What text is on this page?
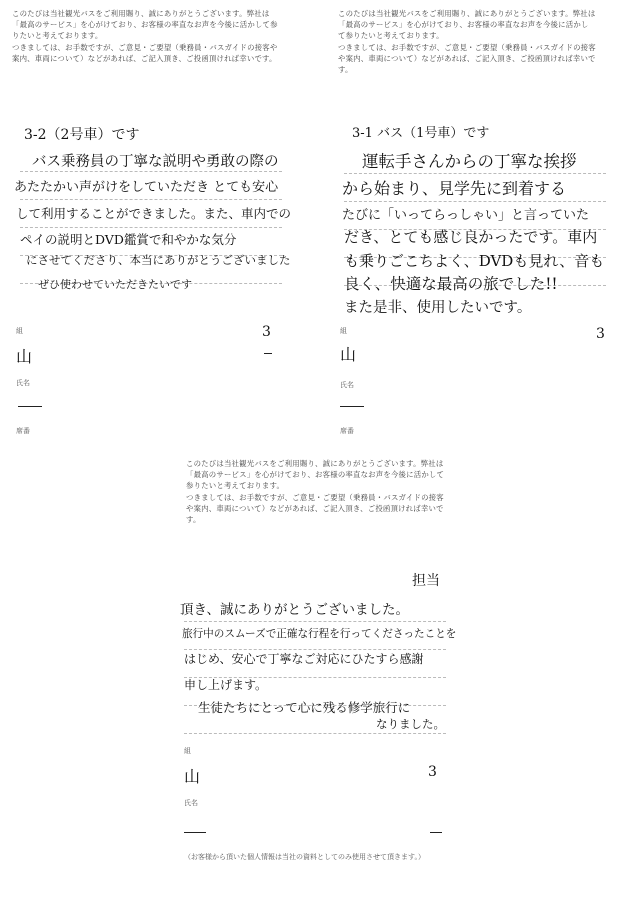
このたびは当社観光バスをご利用賜り、誠にありがとうございます。弊社は「最高のサービス」を心がけており、お客様の率直なお声を今後に活かして参りたいと考えております。
つきましては、お手数ですが、ご意見・ご要望（乗務員・バスガイドの接客や案内、車両について）などがあれば、ご記入頂き、ご投函頂ければ幸いです。
3-2（2号車）です
バス乗務員の丁寧な説明や勇敢の際の
あたたかい声がけをしていただき とても安心
して利用することができました。また、車内での
ペイの説明とDVD鑑賞で和やかな気分
にさせてくださり、本当にありがとうございました
ぜひ使わせていただきたいです
組	3
山
氏名
席番
このたびは当社観光バスをご利用賜り、誠にありがとうございます。弊社は「最高のサービス」を心がけており、お客様の率直なお声を今後に活かして参りたいと考えております。
つきましては、お手数ですが、ご意見・ご要望（乗務員・バスガイドの接客や案内、車両について）などがあれば、ご記入頂き、ご投函頂ければ幸いです。
3-1 バス（1号車）です
運転手さんからの丁寧な挨拶
から始まり、見学先に到着する
たびに「いってらっしゃい」と言っていた
だき、とても感じ良かったです。車内
も乗りごこちよく、DVDも見れ、音も
良く、快適な最高の旅でした!!
また是非、使用したいです。
組	3
山
氏名
席番
このたびは当社観光バスをご利用賜り、誠にありがとうございます。弊社は「最高のサービス」を心がけており、お客様の率直なお声を今後に活かして参りたいと考えております。
つきましては、お手数ですが、ご意見・ご要望（乗務員・バスガイドの接客や案内、車両について）などがあれば、ご記入頂き、ご投函頂ければ幸いです。
担当
頂き、誠にありがとうございました。
旅行中のスムーズで正確な行程を行ってくださったことを
はじめ、安心で丁寧なご対応にひたすら感謝
申し上げます。
生徒たちにとって心に残る修学旅行に
なりました。
組
3
山
氏名
（お客様から頂いた個人情報は当社の資料としてのみ使用させて頂きます。）
